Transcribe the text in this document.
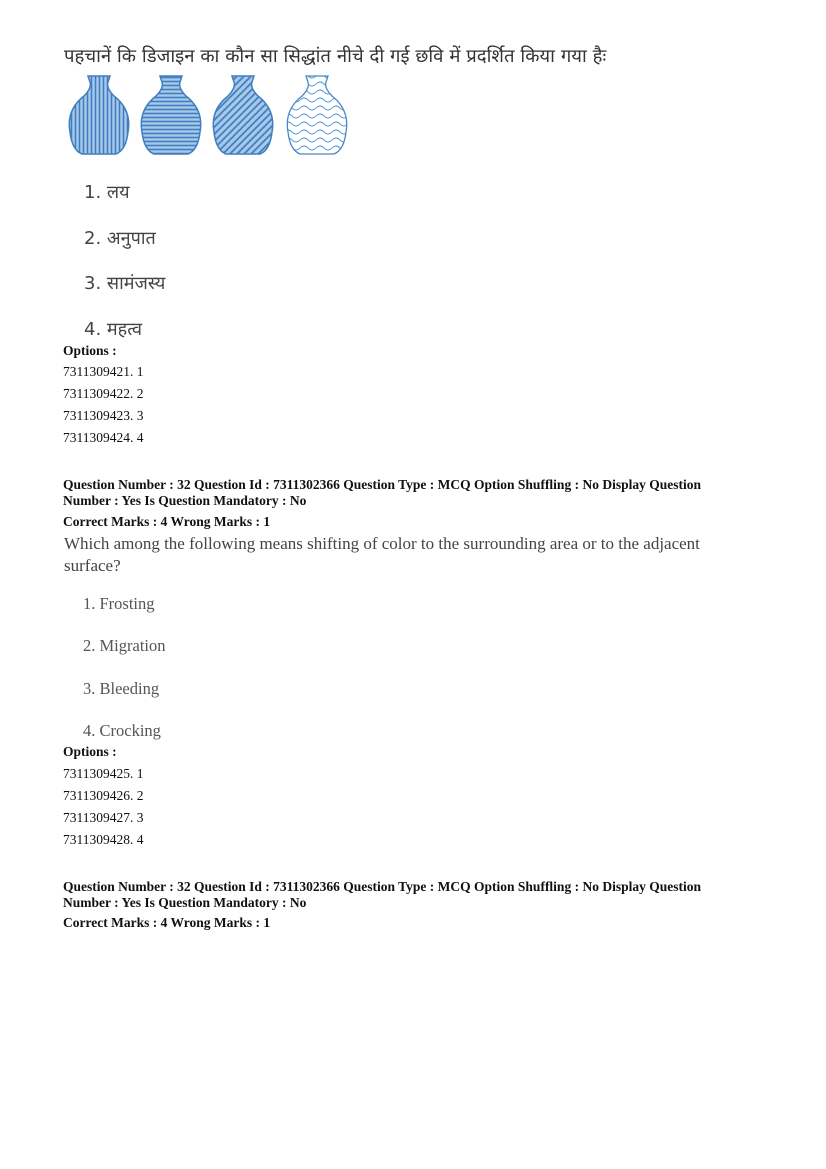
पहचानें कि डिजाइन का कौन सा सिद्धांत नीचे दी गई छवि में प्रदर्शित किया गया हैः
1. लय
2. अनुपात
3. सामंजस्य
4. महत्व
Options :
7311309421. 1
7311309422. 2
7311309423. 3
7311309424. 4
Question Number : 32 Question Id : 7311302366 Question Type : MCQ Option Shuffling : No Display Question
Number : Yes Is Question Mandatory : No
Correct Marks : 4 Wrong Marks : 1
Which among the following means shifting of color to the surrounding area or to the adjacent
surface?
1. Frosting
2. Migration
3. Bleeding
4. Crocking
Options :
7311309425. 1
7311309426. 2
7311309427. 3
7311309428. 4
Question Number : 32 Question Id : 7311302366 Question Type : MCQ Option Shuffling : No Display Question
Number : Yes Is Question Mandatory : No
Correct Marks : 4 Wrong Marks : 1
